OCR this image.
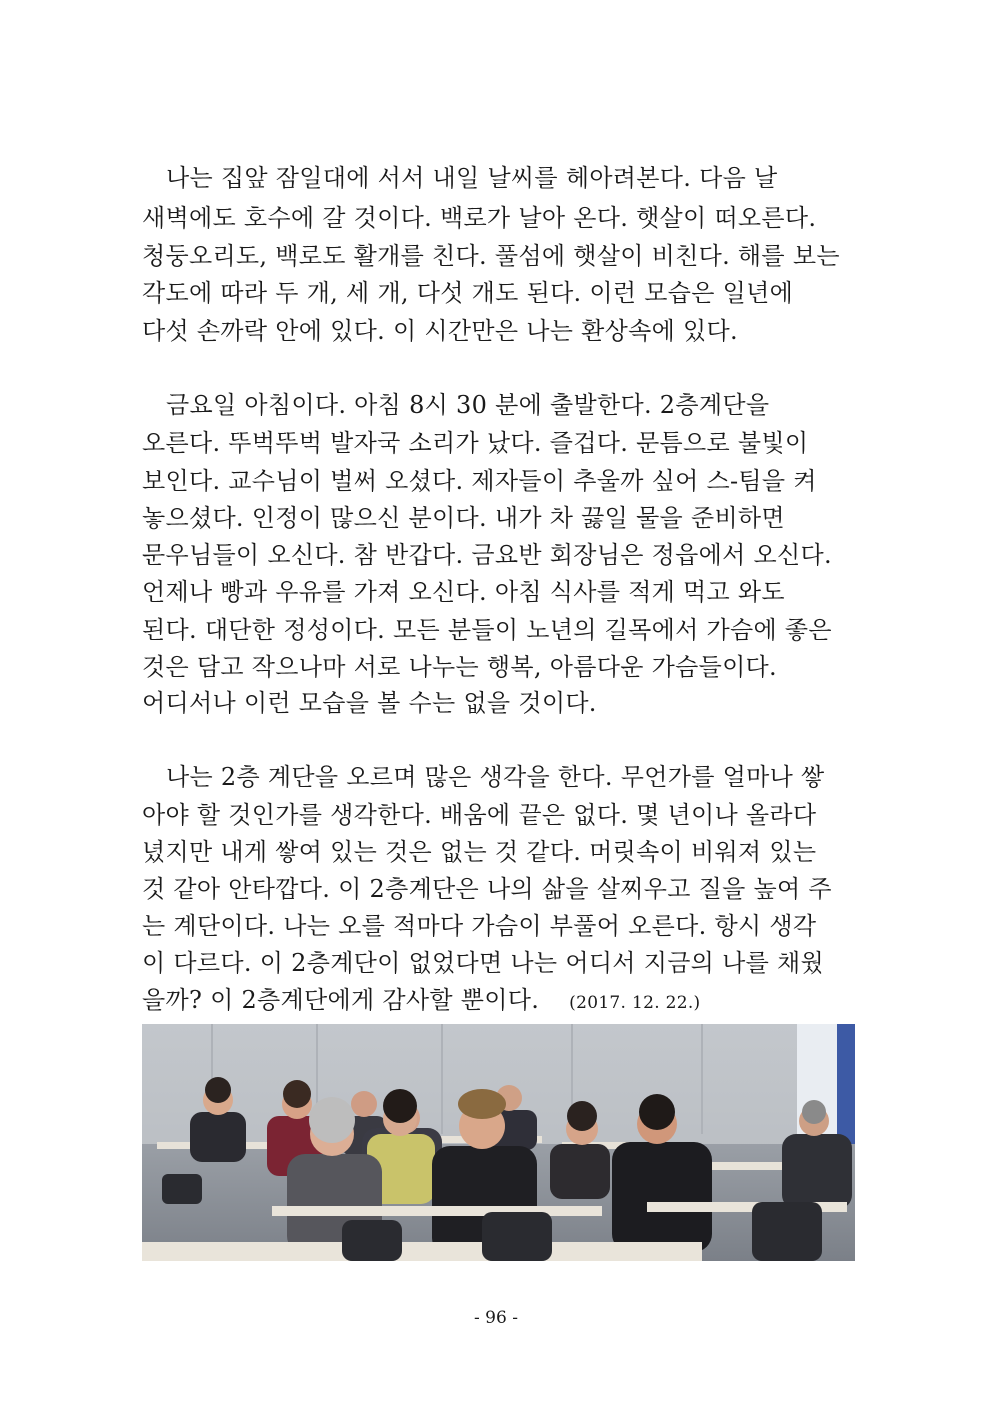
나는 집앞 잠일대에 서서 내일 날씨를 헤아려본다. 다음 날

새벽에도 호수에 갈 것이다. 백로가 날아 온다. 햇살이 떠오른다.

청둥오리도, 백로도 활개를 친다. 풀섬에 햇살이 비친다. 해를 보는

각도에 따라 두 개, 세 개, 다섯 개도 된다. 이런 모습은 일년에

다섯 손까락 안에 있다. 이 시간만은 나는 환상속에 있다.

금요일 아침이다. 아침 8시 30 분에 출발한다. 2층계단을

오른다. 뚜벅뚜벅 발자국 소리가 났다. 즐겁다. 문틈으로 불빛이

보인다. 교수님이 벌써 오셨다. 제자들이 추울까 싶어 스-팀을 켜

놓으셨다. 인정이 많으신 분이다. 내가 차 끓일 물을 준비하면

문우님들이 오신다. 참 반갑다. 금요반 회장님은 정읍에서 오신다.

언제나 빵과 우유를 가져 오신다. 아침 식사를 적게 먹고 와도

된다. 대단한 정성이다. 모든 분들이 노년의 길목에서 가슴에 좋은

것은 담고 작으나마 서로 나누는 행복, 아름다운 가슴들이다.

어디서나 이런 모습을 볼 수는 없을 것이다.

나는 2층 계단을 오르며 많은 생각을 한다. 무언가를 얼마나 쌓

아야 할 것인가를 생각한다. 배움에 끝은 없다. 몇 년이나 올라다

녔지만 내게 쌓여 있는 것은 없는 것 같다. 머릿속이 비워져 있는

것 같아 안타깝다. 이 2층계단은 나의 삶을 살찌우고 질을 높여 주

는 계단이다. 나는 오를 적마다 가슴이 부풀어 오른다. 항시 생각

이 다르다. 이 2층계단이 없었다면 나는 어디서 지금의 나를 채웠

을까? 이 2층계단에게 감사할 뿐이다. (2017. 12. 22.)

- 96 -
